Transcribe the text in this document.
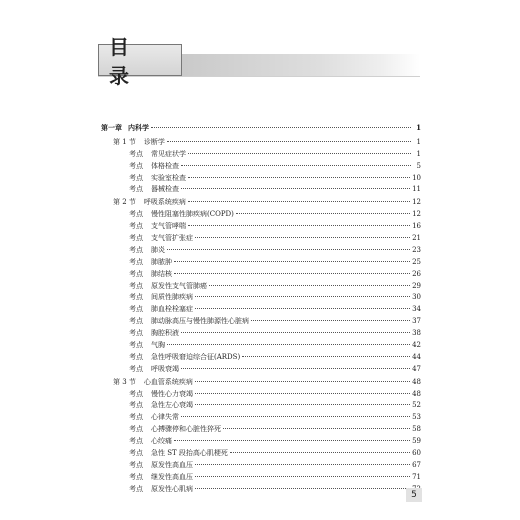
目 录
第一章 内科学	1
第 1 节 诊断学	1
考点 常见症状学	1
考点 体格检查	5
考点 实验室检查	10
考点 器械检查	11
第 2 节 呼吸系统疾病	12
考点 慢性阻塞性肺疾病(COPD)	12
考点 支气管哮喘	16
考点 支气管扩张症	21
考点 肺炎	23
考点 肺脓肿	25
考点 肺结核	26
考点 原发性支气管肺癌	29
考点 间质性肺疾病	30
考点 肺血栓栓塞症	34
考点 肺动脉高压与慢性肺源性心脏病	37
考点 胸腔积液	38
考点 气胸	42
考点 急性呼吸窘迫综合征(ARDS)	44
考点 呼吸衰竭	47
第 3 节 心血管系统疾病	48
考点 慢性心力衰竭	48
考点 急性左心衰竭	52
考点 心律失常	53
考点 心搏骤停和心脏性猝死	58
考点 心绞痛	59
考点 急性 ST 段抬高心肌梗死	60
考点 原发性高血压	67
考点 继发性高血压	71
考点 原发性心肌病
5
